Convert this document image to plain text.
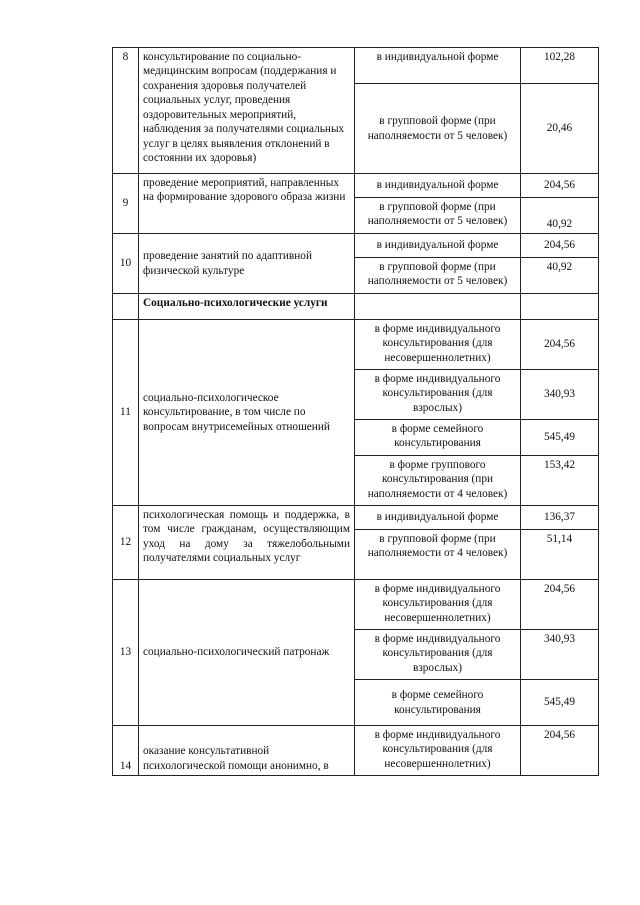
8	консультирование по социально-медицинским вопросам (поддержания и сохранения здоровья получателей социальных услуг, проведения оздоровительных мероприятий, наблюдения за получателями социальных услуг в целях выявления отклонений в состоянии их здоровья)	в индивидуальной форме	102,28
		в групповой форме (при наполняемости от 5 человек)	20,46
9	проведение мероприятий, направленных на формирование здорового образа жизни	в индивидуальной форме	204,56
		в групповой форме (при наполняемости от 5 человек)	40,92
10	проведение занятий по адаптивной физической культуре	в индивидуальной форме	204,56
		в групповой форме (при наполняемости от 5 человек)	40,92
	Социально-психологические услуги		
11	социально-психологическое консультирование, в том числе по вопросам внутрисемейных отношений	в форме индивидуального консультирования (для несовершеннолетних)	204,56
		в форме индивидуального консультирования (для взрослых)	340,93
		в форме семейного консультирования	545,49
		в форме группового консультирования (при наполняемости от 4 человек)	153,42
12	психологическая помощь и поддержка, в том числе гражданам, осуществляющим уход на дому за тяжелобольными получателями социальных услуг	в индивидуальной форме	136,37
		в групповой форме (при наполняемости от 4 человек)	51,14
13	социально-психологический патронаж	в форме индивидуального консультирования (для несовершеннолетних)	204,56
		в форме индивидуального консультирования (для взрослых)	340,93
		в форме семейного консультирования	545,49
14	оказание консультативной психологической помощи анонимно, в	в форме индивидуального консультирования (для несовершеннолетних)	204,56
